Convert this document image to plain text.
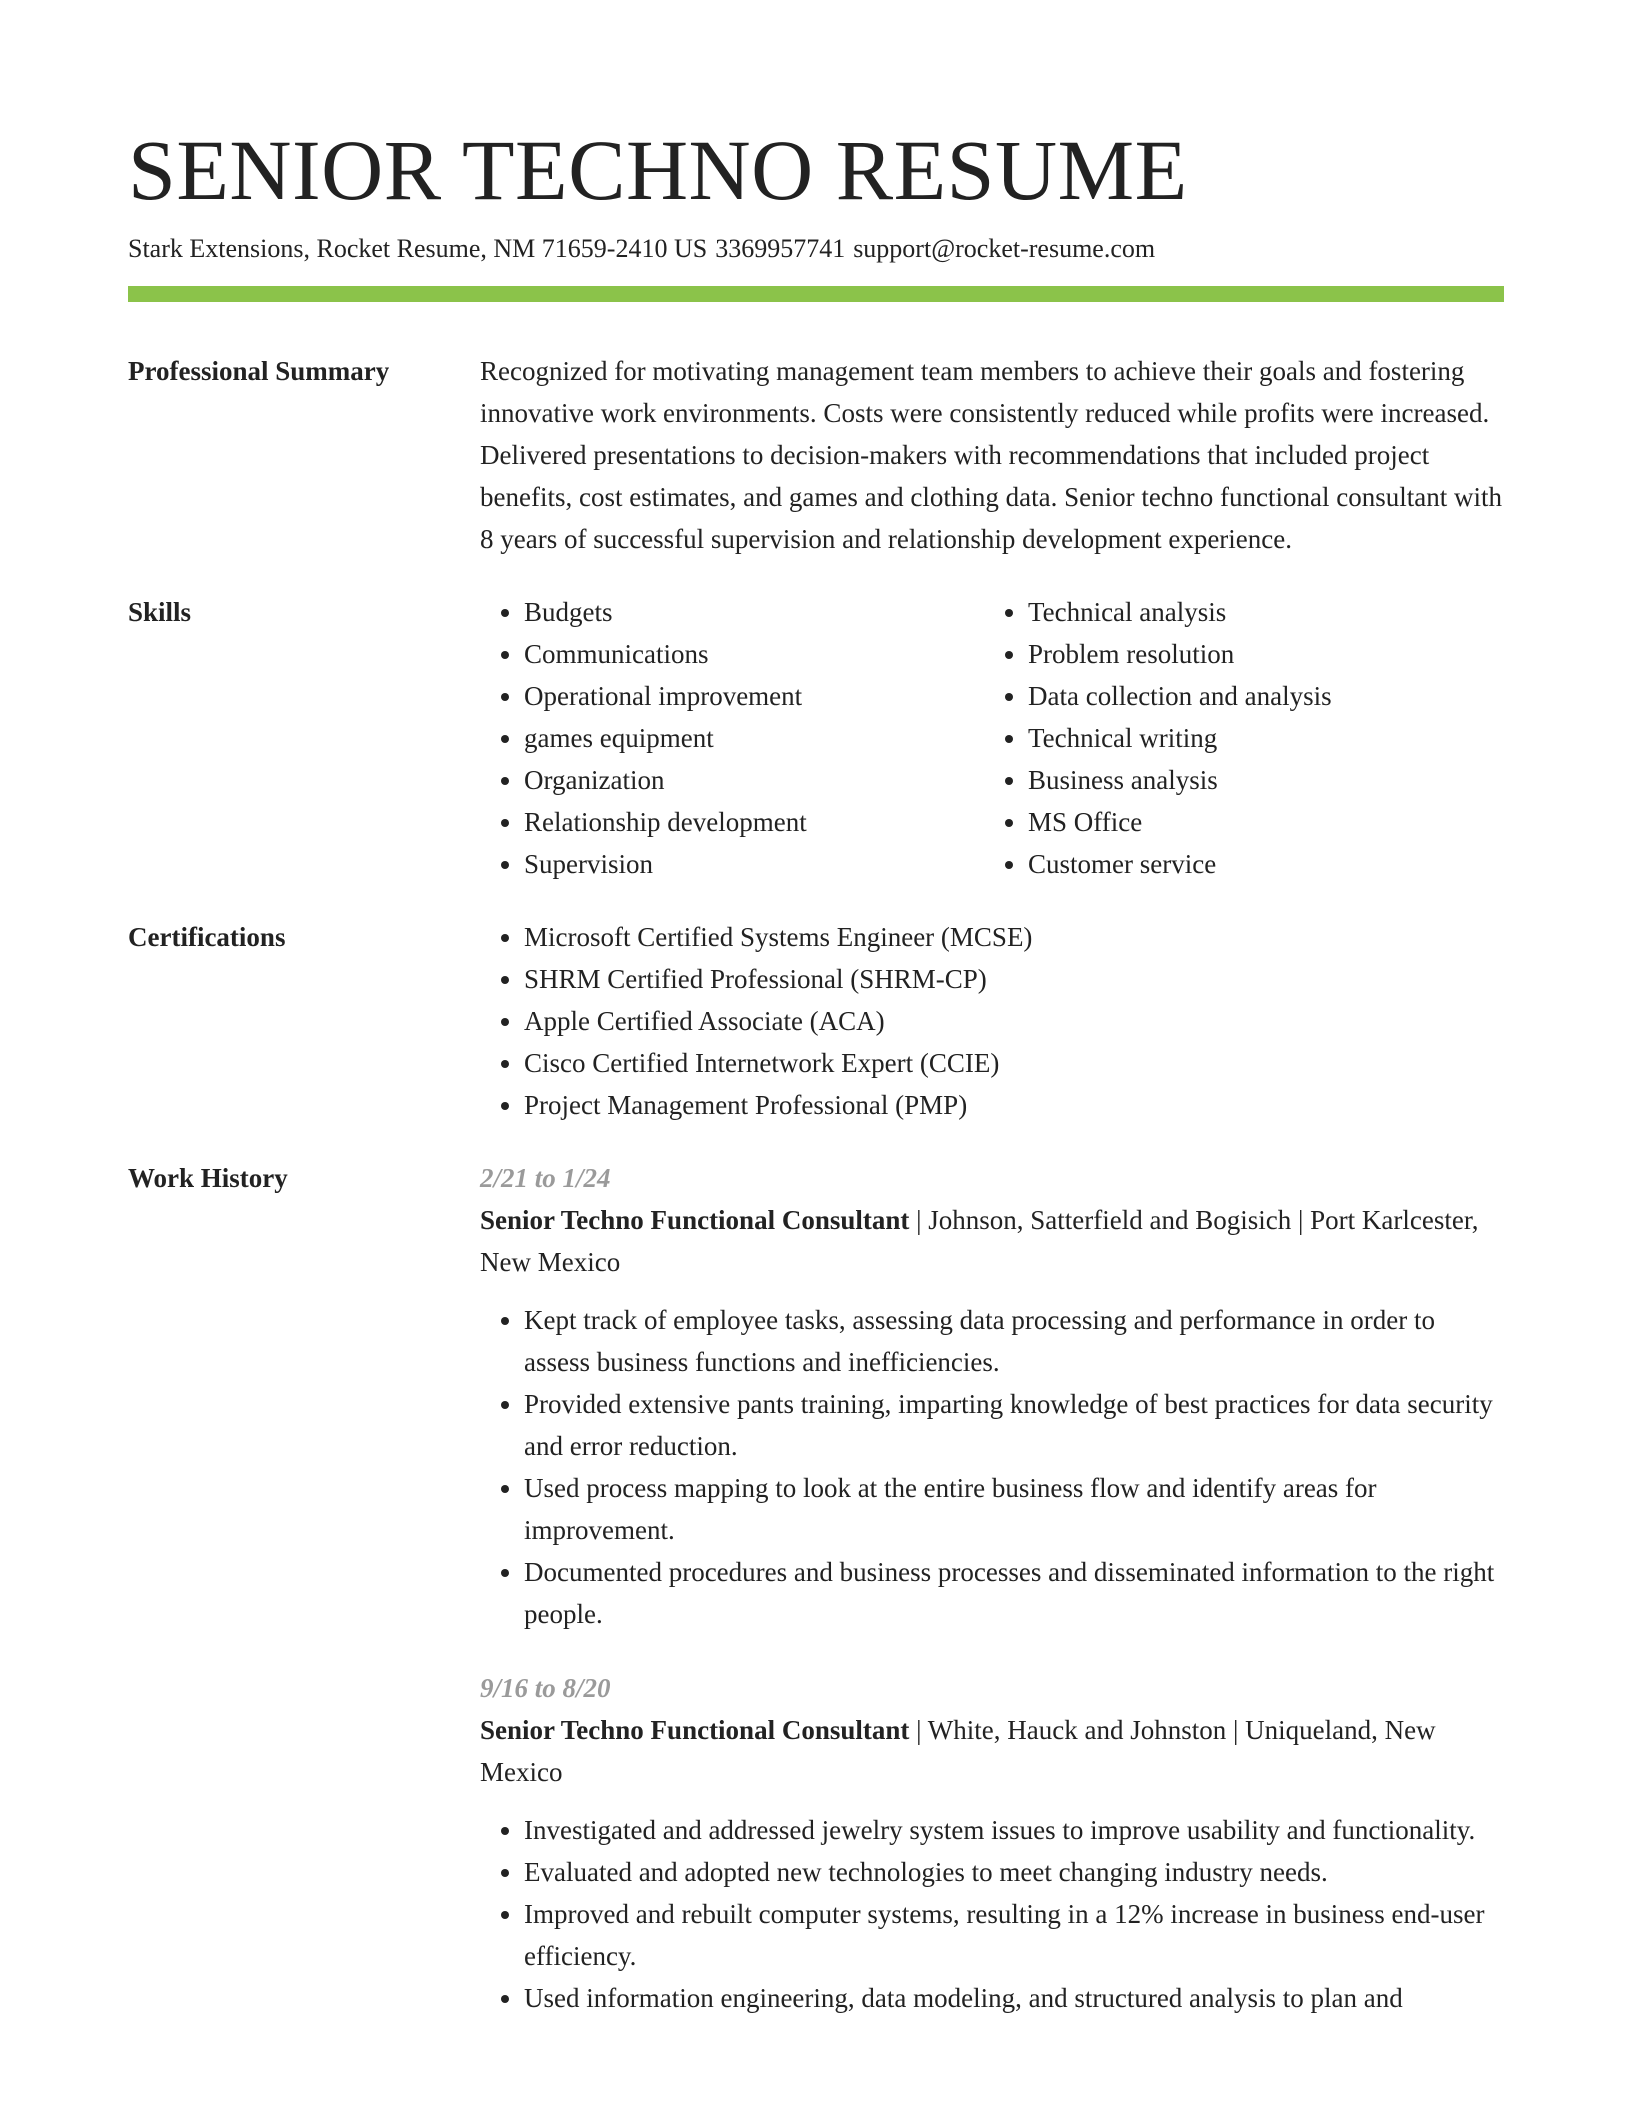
SENIOR TECHNO RESUME
Stark Extensions, Rocket Resume, NM 71659-2410 US 3369957741 support@rocket-resume.com
Professional Summary	Recognized for motivating management team members to achieve their goals and fostering innovative work environments. Costs were consistently reduced while profits were increased. Delivered presentations to decision-makers with recommendations that included project benefits, cost estimates, and games and clothing data. Senior techno functional consultant with 8 years of successful supervision and relationship development experience.

Skills	• Budgets
• Communications
• Operational improvement
• games equipment
• Organization
• Relationship development
• Supervision
• Technical analysis
• Problem resolution
• Data collection and analysis
• Technical writing
• Business analysis
• MS Office
• Customer service
Certifications	• Microsoft Certified Systems Engineer (MCSE)
• SHRM Certified Professional (SHRM-CP)
• Apple Certified Associate (ACA)
• Cisco Certified Internetwork Expert (CCIE)
• Project Management Professional (PMP)
Work History	2/21 to 1/24
Senior Techno Functional Consultant | Johnson, Satterfield and Bogisich | Port Karlcester, New Mexico
• Kept track of employee tasks, assessing data processing and performance in order to assess business functions and inefficiencies.
• Provided extensive pants training, imparting knowledge of best practices for data security and error reduction.
• Used process mapping to look at the entire business flow and identify areas for improvement.
• Documented procedures and business processes and disseminated information to the right people.
9/16 to 8/20
Senior Techno Functional Consultant | White, Hauck and Johnston | Uniqueland, New Mexico
• Investigated and addressed jewelry system issues to improve usability and functionality.
• Evaluated and adopted new technologies to meet changing industry needs.
• Improved and rebuilt computer systems, resulting in a 12% increase in business end-user efficiency.
• Used information engineering, data modeling, and structured analysis to plan and
